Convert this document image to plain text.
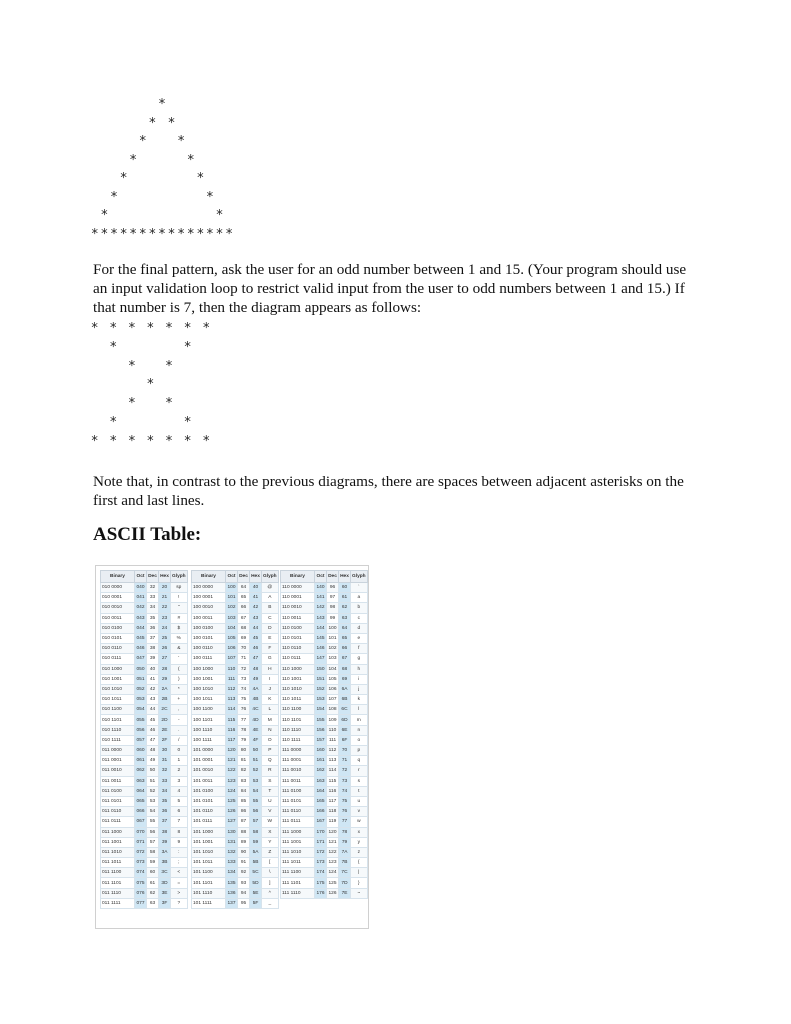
*
* *
* *
*	*
*	*
*	*
*	*
* * * * * * * * * * * * * * *
For the final pattern, ask the user for an odd number between 1 and 15. (Your program should use an input validation loop to restrict valid input from the user to odd numbers between 1 and 15.) If that number is 7, then the diagram appears as follows:
* * * * * * *
*	*
* *
*
* *
*	*
* * * * * * *
Note that, in contrast to the previous diagrams, there are spaces between adjacent asterisks on the first and last lines.
ASCII Table:
Binary	Oct	Dec	Hex	Glyph
010 0000	040	32	20	sp
010 0001	041	33	21	!
010 0010	042	34	22	"
010 0011	043	35	23	#
010 0100	044	36	24	$
010 0101	045	37	25	%
010 0110	046	38	26	&
010 0111	047	39	27	'
010 1000	050	40	28	(
010 1001	051	41	29	)
010 1010	052	42	2A	*
010 1011	053	43	2B	+
010 1100	054	44	2C	,
010 1101	055	45	2D	-
010 1110	056	46	2E	.
010 1111	057	47	2F	/
011 0000	060	48	30	0
011 0001	061	49	31	1
011 0010	062	50	32	2
011 0011	063	51	33	3
011 0100	064	52	34	4
011 0101	065	53	35	5
011 0110	066	54	36	6
011 0111	067	55	37	7
011 1000	070	56	38	8
011 1001	071	57	39	9
011 1010	072	58	3A	:
011 1011	073	59	3B	;
011 1100	074	60	3C	<
011 1101	075	61	3D	=
011 1110	076	62	3E	>
011 1111	077	63	3F	?
Binary	Oct	Dec	Hex	Glyph
100 0000	100	64	40	@
100 0001	101	65	41	A
100 0010	102	66	42	B
100 0011	103	67	43	C
100 0100	104	68	44	D
100 0101	105	69	45	E
100 0110	106	70	46	F
100 0111	107	71	47	G
100 1000	110	72	48	H
100 1001	111	73	49	I
100 1010	112	74	4A	J
100 1011	113	75	4B	K
100 1100	114	76	4C	L
100 1101	115	77	4D	M
100 1110	116	78	4E	N
100 1111	117	79	4F	O
101 0000	120	80	50	P
101 0001	121	81	51	Q
101 0010	122	82	52	R
101 0011	123	83	53	S
101 0100	124	84	54	T
101 0101	125	85	55	U
101 0110	126	86	56	V
101 0111	127	87	57	W
101 1000	130	88	58	X
101 1001	131	89	59	Y
101 1010	132	90	5A	Z
101 1011	133	91	5B	[
101 1100	134	92	5C	\
101 1101	135	93	5D	]
101 1110	136	94	5E	^
101 1111	137	95	5F	_
Binary	Oct	Dec	Hex	Glyph
110 0000	140	96	60	`
110 0001	141	97	61	a
110 0010	142	98	62	b
110 0011	143	99	63	c
110 0100	144	100	64	d
110 0101	145	101	65	e
110 0110	146	102	66	f
110 0111	147	103	67	g
110 1000	150	104	68	h
110 1001	151	105	69	i
110 1010	152	106	6A	j
110 1011	153	107	6B	k
110 1100	154	108	6C	l
110 1101	155	109	6D	m
110 1110	156	110	6E	n
110 1111	157	111	6F	o
111 0000	160	112	70	p
111 0001	161	113	71	q
111 0010	162	114	72	r
111 0011	163	115	73	s
111 0100	164	116	74	t
111 0101	165	117	75	u
111 0110	166	118	76	v
111 0111	167	119	77	w
111 1000	170	120	78	x
111 1001	171	121	79	y
111 1010	172	122	7A	z
111 1011	173	123	7B	{
111 1100	174	124	7C	|
111 1101	175	125	7D	}
111 1110	176	126	7E	~
